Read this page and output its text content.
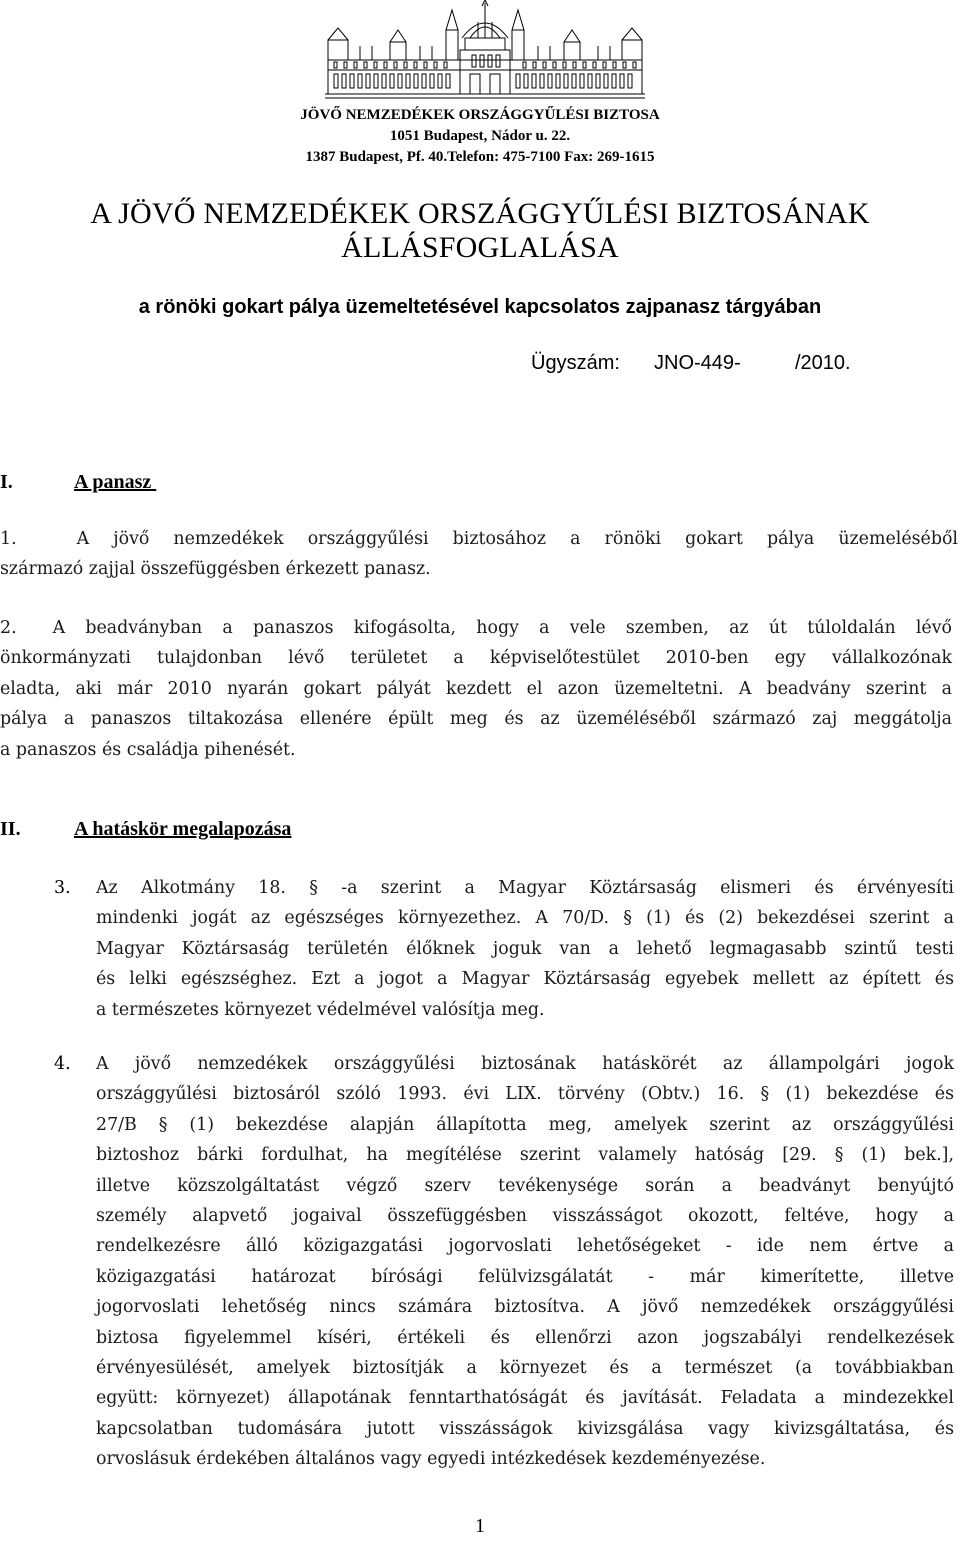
JÖVŐ NEMZEDÉKEK ORSZÁGGYŰLÉSI BIZTOSA
1051 Budapest, Nádor u. 22.
1387 Budapest, Pf. 40.Telefon: 475-7100 Fax: 269-1615
A JÖVŐ NEMZEDÉKEK ORSZÁGGYŰLÉSI BIZTOSÁNAK
ÁLLÁSFOGLALÁSA
a rönöki gokart pálya üzemeltetésével kapcsolatos zajpanasz tárgyában
Ügyszám: JNO-449-	/2010.
I.	A panasz
1.	A jövő nemzedékek országgyűlési biztosához a rönöki gokart pálya üzemeléséből
származó zajjal összefüggésben érkezett panasz.
2. A beadványban a panaszos kifogásolta, hogy a vele szemben, az út túloldalán lévő
önkormányzati tulajdonban lévő területet a képviselőtestület 2010-ben egy vállalkozónak
eladta, aki már 2010 nyarán gokart pályát kezdett el azon üzemeltetni. A beadvány szerint a
pálya a panaszos tiltakozása ellenére épült meg és az üzeméléséből származó zaj meggátolja
a panaszos és családja pihenését.
II.	A hatáskör megalapozása
3. Az Alkotmány 18. § -a szerint a Magyar Köztársaság elismeri és érvényesíti
mindenki jogát az egészséges környezethez. A 70/D. § (1) és (2) bekezdései szerint a
Magyar Köztársaság területén élőknek joguk van a lehető legmagasabb szintű testi
és lelki egészséghez. Ezt a jogot a Magyar Köztársaság egyebek mellett az épített és
a természetes környezet védelmével valósítja meg.
4. A jövő nemzedékek országgyűlési biztosának hatáskörét az állampolgári jogok
országgyűlési biztosáról szóló 1993. évi LIX. törvény (Obtv.) 16. § (1) bekezdése és
27/B § (1) bekezdése alapján állapította meg, amelyek szerint az országgyűlési
biztoshoz bárki fordulhat, ha megítélése szerint valamely hatóság [29. § (1) bek.],
illetve közszolgáltatást végző szerv tevékenysége során a beadványt benyújtó
személy alapvető jogaival összefüggésben visszásságot okozott, feltéve, hogy a
rendelkezésre álló közigazgatási jogorvoslati lehetőségeket - ide nem értve a
közigazgatási határozat bírósági felülvizsgálatát - már kimerítette, illetve
jogorvoslati lehetőség nincs számára biztosítva. A jövő nemzedékek országgyűlési
biztosa figyelemmel kíséri, értékeli és ellenőrzi azon jogszabályi rendelkezések
érvényesülését, amelyek biztosítják a környezet és a természet (a továbbiakban
együtt: környezet) állapotának fenntarthatóságát és javítását. Feladata a mindezekkel
kapcsolatban tudomására jutott visszásságok kivizsgálása vagy kivizsgáltatása, és
orvoslásuk érdekében általános vagy egyedi intézkedések kezdeményezése.
1
